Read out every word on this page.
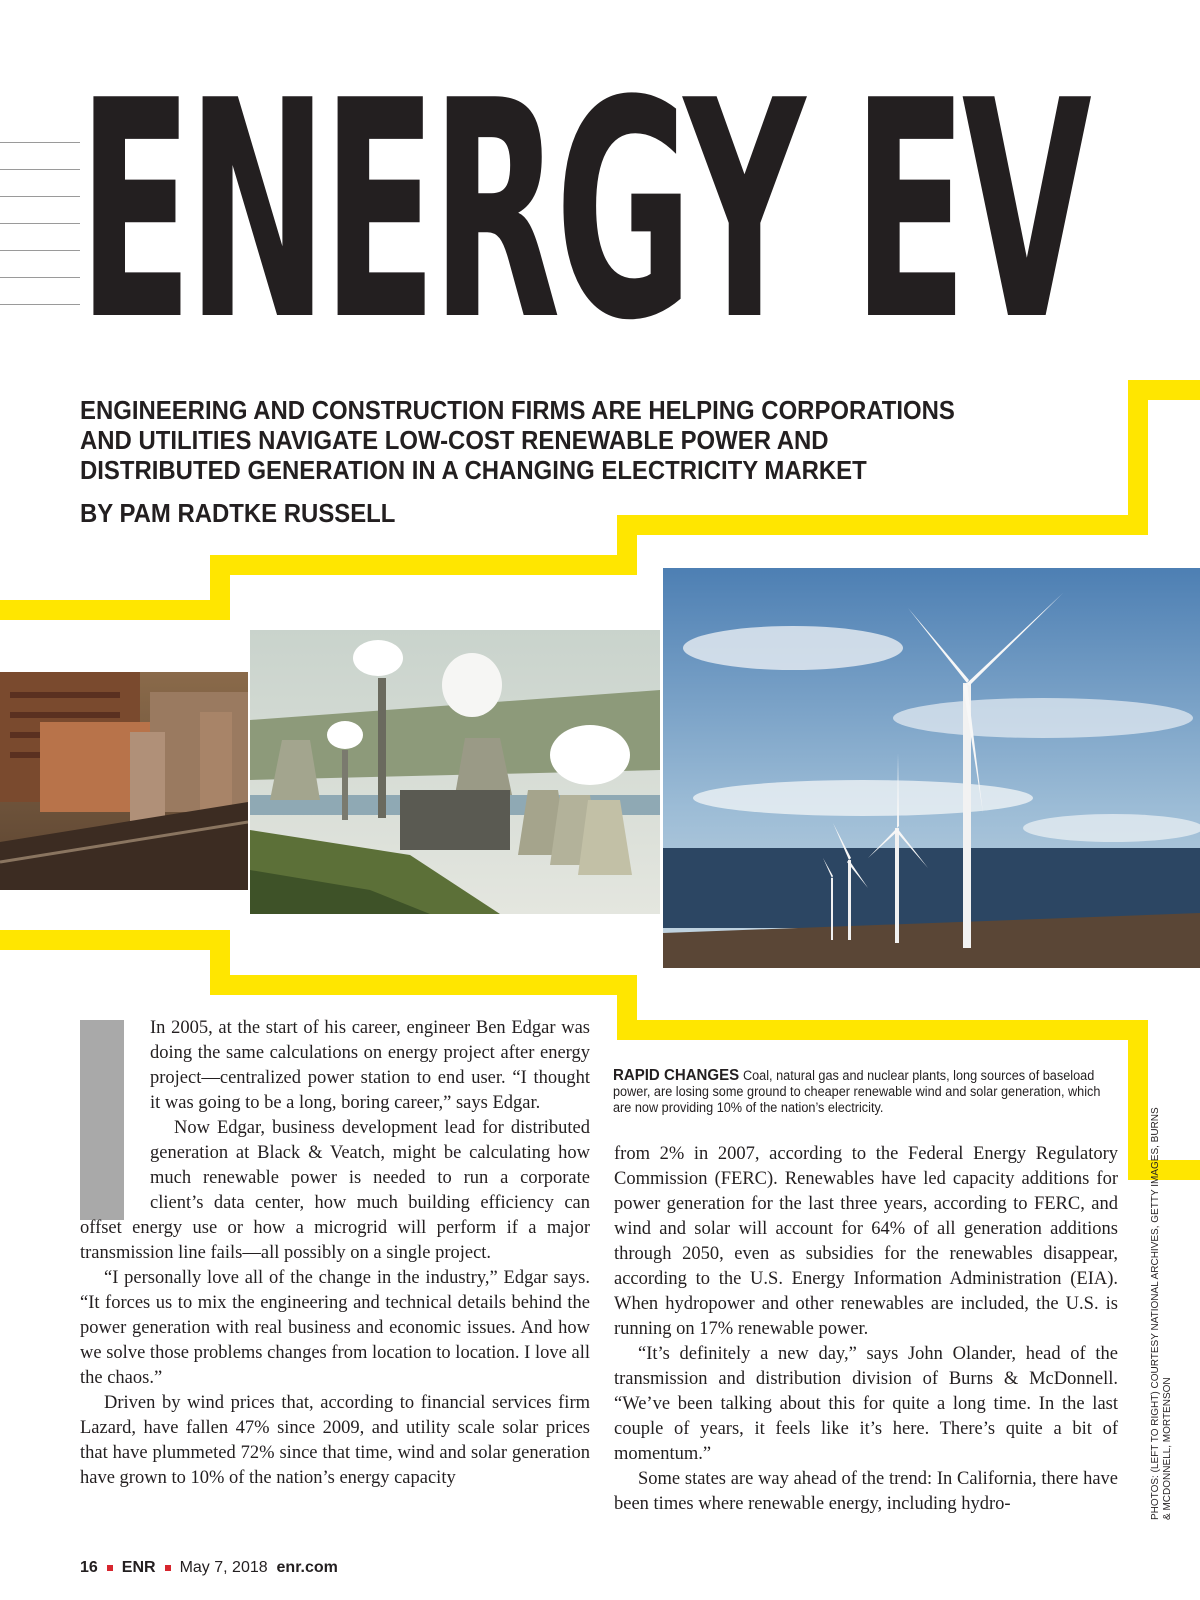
ENERGY EV
ENGINEERING AND CONSTRUCTION FIRMS ARE HELPING CORPORATIONS AND UTILITIES NAVIGATE LOW-COST RENEWABLE POWER AND DISTRIBUTED GENERATION IN A CHANGING ELECTRICITY MARKET
BY PAM RADTKE RUSSELL
RAPID CHANGES Coal, natural gas and nuclear plants, long sources of baseload power, are losing some ground to cheaper renewable wind and solar generation, which are now providing 10% of the nation’s electricity.

In 2005, at the start of his career, engineer Ben Edgar was doing the same calculations on energy project after energy project—centralized power station to end user. “I thought it was going to be a long, boring career,” says Edgar.

Now Edgar, business development lead for distributed generation at Black & Veatch, might be calculating how much renewable power is needed to run a corporate client’s data center, how much building efficiency can offset energy use or how a microgrid will perform if a major transmission line fails—all possibly on a single project.

“I personally love all of the change in the industry,” Edgar says. “It forces us to mix the engineering and technical details behind the power generation with real business and economic issues. And how we solve those problems changes from location to location. I love all the chaos.”

Driven by wind prices that, according to financial services firm Lazard, have fallen 47% since 2009, and utility scale solar prices that have plummeted 72% since that time, wind and solar generation have grown to 10% of the nation’s energy capacity

from 2% in 2007, according to the Federal Energy Regulatory Commission (FERC). Renewables have led capacity additions for power generation for the last three years, according to FERC, and wind and solar will account for 64% of all generation additions through 2050, even as subsidies for the renewables disappear, according to the U.S. Energy Information Administration (EIA). When hydropower and other renewables are included, the U.S. is running on 17% renewable power.

“It’s definitely a new day,” says John Olander, head of the transmission and distribution division of Burns & McDonnell. “We’ve been talking about this for quite a long time. In the last couple of years, it feels like it’s here. There’s quite a bit of momentum.”

Some states are way ahead of the trend: In California, there have been times where renewable energy, including hydro-	PHOTOS: (LEFT TO RIGHT) COURTESY NATIONAL ARCHIVES, GETTY IMAGES, BURNS & MCDONNELL, MORTENSON
16 ENR May 7, 2018 enr.com
